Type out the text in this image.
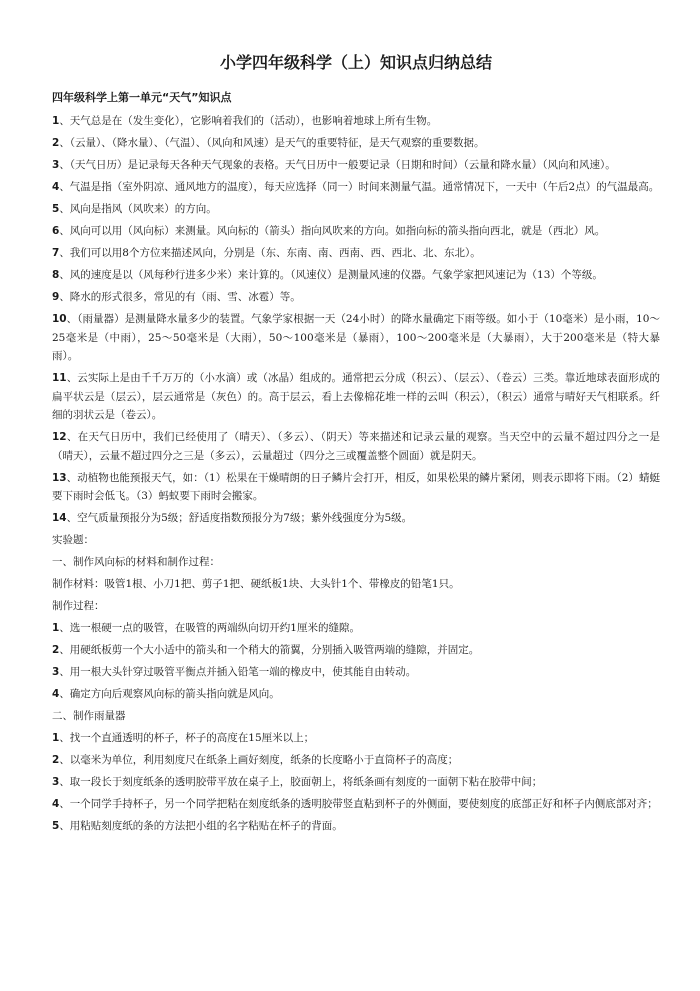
小学四年级科学（上）知识点归纳总结
四年级科学上第一单元“天气”知识点

1、天气总是在（发生变化），它影响着我们的（活动），也影响着地球上所有生物。

2、（云量）、（降水量）、（气温）、（风向和风速）是天气的重要特征，是天气观察的重要数据。

3、（天气日历）是记录每天各种天气现象的表格。天气日历中一般要记录（日期和时间）（云量和降水量）（风向和风速）。

4、气温是指（室外阴凉、通风地方的温度），每天应选择（同一）时间来测量气温。通常情况下，一天中（午后2点）的气温最高。

5、风向是指风（风吹来）的方向。

6、风向可以用（风向标）来测量。风向标的（箭头）指向风吹来的方向。如指向标的箭头指向西北，就是（西北）风。

7、我们可以用8个方位来描述风向，分别是（东、东南、南、西南、西、西北、北、东北）。

8、风的速度是以（风每秒行进多少米）来计算的。（风速仪）是测量风速的仪器。气象学家把风速记为（13）个等级。

9、降水的形式很多，常见的有（雨、雪、冰雹）等。

10、（雨量器）是测量降水量多少的装置。气象学家根据一天（24小时）的降水量确定下雨等级。如小于（10毫米）是小雨，10～25毫米是（中雨），25～50毫米是（大雨），50～100毫米是（暴雨），100～200毫米是（大暴雨），大于200毫米是（特大暴雨）。

11、云实际上是由千千万万的（小水滴）或（冰晶）组成的。通常把云分成（积云）、（层云）、（卷云）三类。靠近地球表面形成的扁平状云是（层云），层云通常是（灰色）的。高于层云，看上去像棉花堆一样的云叫（积云），（积云）通常与晴好天气相联系。纤细的羽状云是（卷云）。

12、在天气日历中，我们已经使用了（晴天）、（多云）、（阴天）等来描述和记录云量的观察。当天空中的云量不超过四分之一是（晴天），云量不超过四分之三是（多云），云量超过（四分之三或覆盖整个圆面）就是阴天。

13、动植物也能预报天气，如：（1）松果在干燥晴朗的日子鳞片会打开，相反，如果松果的鳞片紧闭，则表示即将下雨。（2）蜻蜓要下雨时会低飞。（3）蚂蚁要下雨时会搬家。

14、空气质量预报分为5级；舒适度指数预报分为7级；紫外线强度分为5级。

实验题：

一、制作风向标的材料和制作过程：

制作材料：吸管1根、小刀1把、剪子1把、硬纸板1块、大头针1个、带橡皮的铅笔1只。

制作过程：

1、选一根硬一点的吸管，在吸管的两端纵向切开约1厘米的缝隙。

2、用硬纸板剪一个大小适中的箭头和一个稍大的箭翼，分别插入吸管两端的缝隙，并固定。

3、用一根大头针穿过吸管平衡点并插入铅笔一端的橡皮中，使其能自由转动。

4、确定方向后观察风向标的箭头指向就是风向。

二、制作雨量器

1、找一个直通透明的杯子，杯子的高度在15厘米以上；

2、以毫米为单位，利用刻度尺在纸条上画好刻度，纸条的长度略小于直筒杯子的高度；

3、取一段长于刻度纸条的透明胶带平放在桌子上，胶面朝上，将纸条画有刻度的一面朝下粘在胶带中间；

4、一个同学手持杯子，另一个同学把粘在刻度纸条的透明胶带竖直粘到杯子的外侧面，要使刻度的底部正好和杯子内侧底部对齐；

5、用粘贴刻度纸的条的方法把小组的名字粘贴在杯子的背面。
